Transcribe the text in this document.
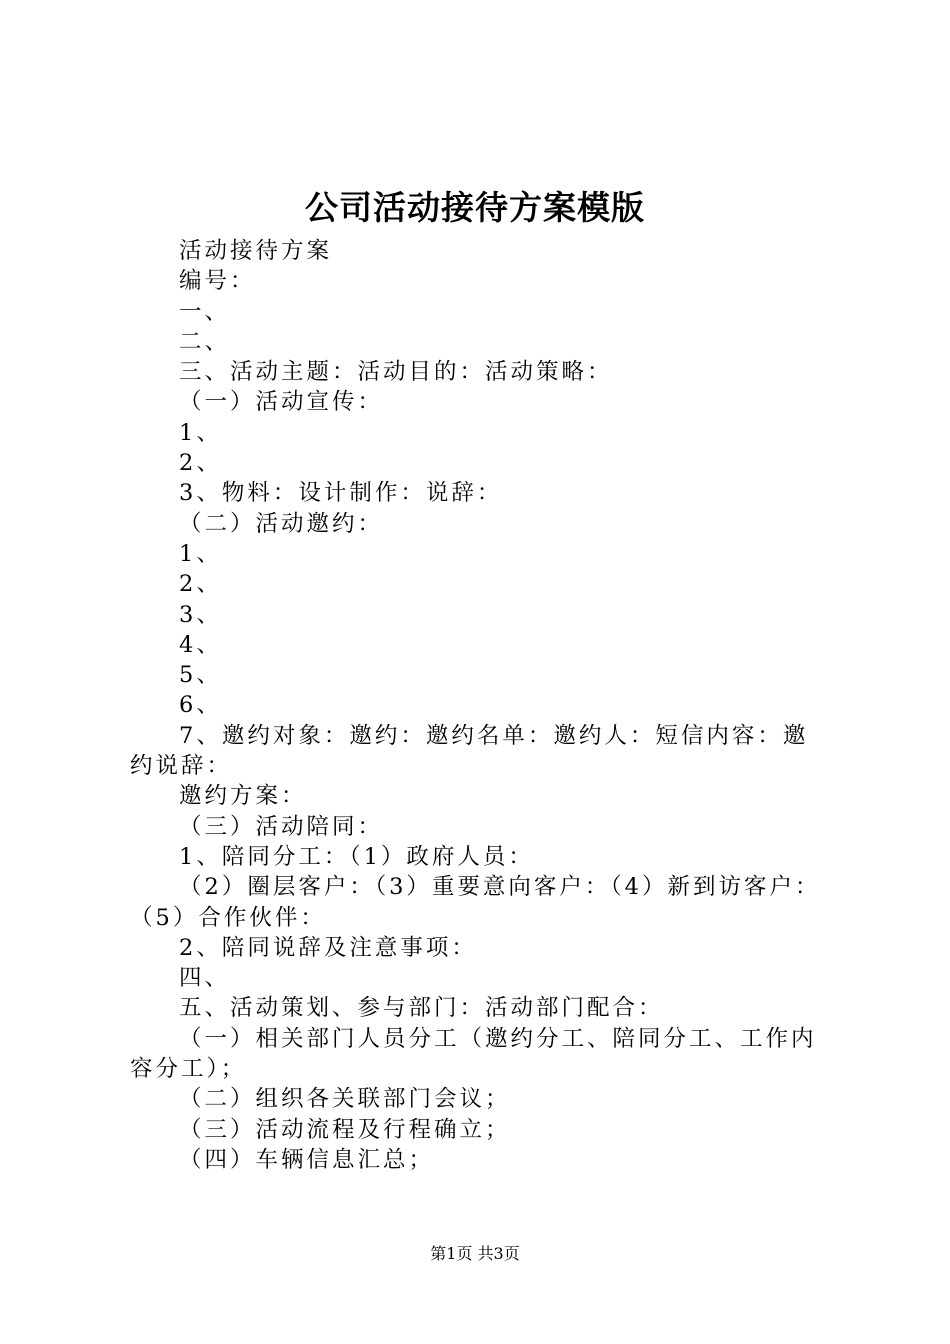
公司活动接待方案模版

活动接待方案

编号：

一、

二、

三、活动主题：活动目的：活动策略：

（一）活动宣传：

1、

2、

3、物料：设计制作：说辞：

（二）活动邀约：

1、

2、

3、

4、

5、

6、

7、邀约对象：邀约：邀约名单：邀约人：短信内容：邀约说辞：

邀约方案：

（三）活动陪同：

1、陪同分工：（1）政府人员：

（2）圈层客户：（3）重要意向客户：（4）新到访客户：（5）合作伙伴：

2、陪同说辞及注意事项：

四、

五、活动策划、参与部门：活动部门配合：

（一）相关部门人员分工（邀约分工、陪同分工、工作内容分工）；

（二）组织各关联部门会议；

（三）活动流程及行程确立；

（四）车辆信息汇总；

第1页 共3页
